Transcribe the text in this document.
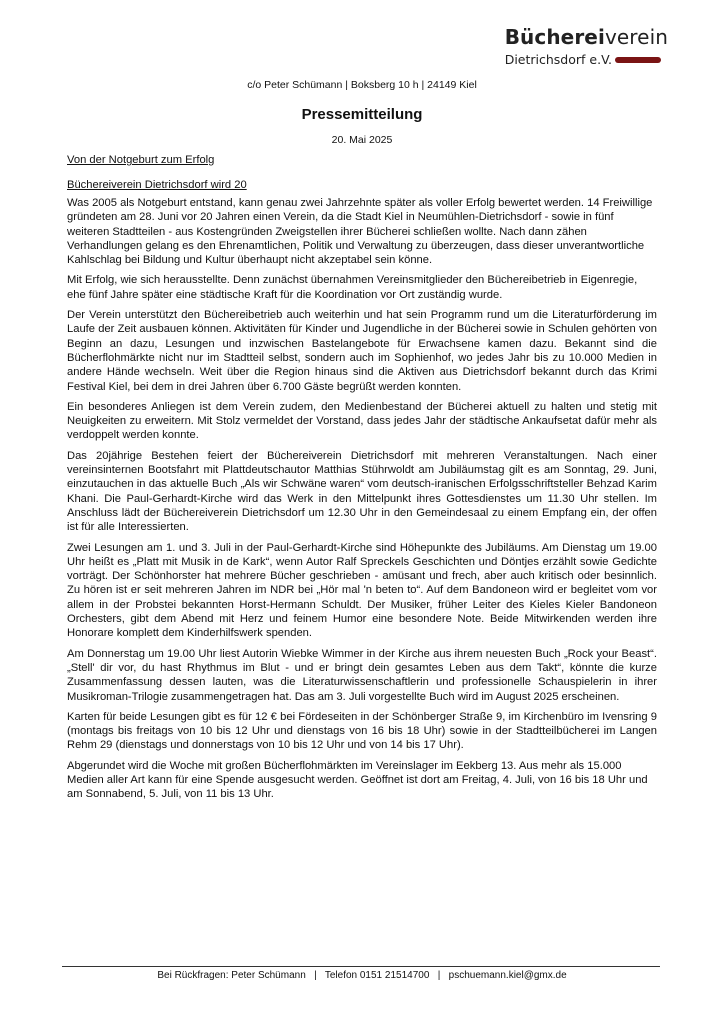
Büchereiverein
Dietrichsdorf e.V.
c/o Peter Schümann | Boksberg 10 h | 24149 Kiel
Pressemitteilung
20. Mai 2025
Von der Notgeburt zum Erfolg
Büchereiverein Dietrichsdorf wird 20

Was 2005 als Notgeburt entstand, kann genau zwei Jahrzehnte später als voller Erfolg bewertet werden. 14 Freiwillige gründeten am 28. Juni vor 20 Jahren einen Verein, da die Stadt Kiel in Neumühlen-Dietrichsdorf - sowie in fünf weiteren Stadtteilen - aus Kostengründen Zweigstellen ihrer Bücherei schließen wollte. Nach dann zähen Verhandlungen gelang es den Ehrenamtlichen, Politik und Verwaltung zu überzeugen, dass dieser unverantwortliche Kahlschlag bei Bildung und Kultur überhaupt nicht akzeptabel sein könne.

Mit Erfolg, wie sich herausstellte. Denn zunächst übernahmen Vereinsmitglieder den Büchereibetrieb in Eigenregie, ehe fünf Jahre später eine städtische Kraft für die Koordination vor Ort zuständig wurde.

Der Verein unterstützt den Büchereibetrieb auch weiterhin und hat sein Programm rund um die Literaturförderung im Laufe der Zeit ausbauen können. Aktivitäten für Kinder und Jugendliche in der Bücherei sowie in Schulen gehörten von Beginn an dazu, Lesungen und inzwischen Bastelangebote für Erwachsene kamen dazu. Bekannt sind die Bücherflohmärkte nicht nur im Stadtteil selbst, sondern auch im Sophienhof, wo jedes Jahr bis zu 10.000 Medien in andere Hände wechseln. Weit über die Region hinaus sind die Aktiven aus Dietrichsdorf bekannt durch das Krimi Festival Kiel, bei dem in drei Jahren über 6.700 Gäste begrüßt werden konnten.

Ein besonderes Anliegen ist dem Verein zudem, den Medienbestand der Bücherei aktuell zu halten und stetig mit Neuigkeiten zu erweitern. Mit Stolz vermeldet der Vorstand, dass jedes Jahr der städtische Ankaufsetat dafür mehr als verdoppelt werden konnte.

Das 20jährige Bestehen feiert der Büchereiverein Dietrichsdorf mit mehreren Veranstaltungen. Nach einer vereinsinternen Bootsfahrt mit Plattdeutschautor Matthias Stührwoldt am Jubiläumstag gilt es am Sonntag, 29. Juni, einzutauchen in das aktuelle Buch „Als wir Schwäne waren“ vom deutsch-iranischen Erfolgsschriftsteller Behzad Karim Khani. Die Paul-Gerhardt-Kirche wird das Werk in den Mittelpunkt ihres Gottesdienstes um 11.30 Uhr stellen. Im Anschluss lädt der Büchereiverein Dietrichsdorf um 12.30 Uhr in den Gemeindesaal zu einem Empfang ein, der offen ist für alle Interessierten.

Zwei Lesungen am 1. und 3. Juli in der Paul-Gerhardt-Kirche sind Höhepunkte des Jubiläums. Am Dienstag um 19.00 Uhr heißt es „Platt mit Musik in de Kark“, wenn Autor Ralf Spreckels Geschichten und Döntjes erzählt sowie Gedichte vorträgt. Der Schönhorster hat mehrere Bücher geschrieben - amüsant und frech, aber auch kritisch oder besinnlich. Zu hören ist er seit mehreren Jahren im NDR bei „Hör mal 'n beten to“. Auf dem Bandoneon wird er begleitet vom vor allem in der Probstei bekannten Horst-Hermann Schuldt. Der Musiker, früher Leiter des Kieles Kieler Bandoneon Orchesters, gibt dem Abend mit Herz und feinem Humor eine besondere Note. Beide Mitwirkenden werden ihre Honorare komplett dem Kinderhilfswerk spenden.

Am Donnerstag um 19.00 Uhr liest Autorin Wiebke Wimmer in der Kirche aus ihrem neuesten Buch „Rock your Beast“. „Stell' dir vor, du hast Rhythmus im Blut - und er bringt dein gesamtes Leben aus dem Takt“, könnte die kurze Zusammenfassung dessen lauten, was die Literaturwissenschaftlerin und professionelle Schauspielerin in ihrer Musikroman-Trilogie zusammengetragen hat. Das am 3. Juli vorgestellte Buch wird im August 2025 erscheinen.

Karten für beide Lesungen gibt es für 12 € bei Fördeseiten in der Schönberger Straße 9, im Kirchenbüro im Ivensring 9 (montags bis freitags von 10 bis 12 Uhr und dienstags von 16 bis 18 Uhr) sowie in der Stadtteilbücherei im Langen Rehm 29 (dienstags und donnerstags von 10 bis 12 Uhr und von 14 bis 17 Uhr).

Abgerundet wird die Woche mit großen Bücherflohmärkten im Vereinslager im Eekberg 13. Aus mehr als 15.000 Medien aller Art kann für eine Spende ausgesucht werden. Geöffnet ist dort am Freitag, 4. Juli, von 16 bis 18 Uhr und am Sonnabend, 5. Juli, von 11 bis 13 Uhr.

Bei Rückfragen: Peter Schümann   |   Telefon 0151 21514700   |   pschuemann.kiel@gmx.de
